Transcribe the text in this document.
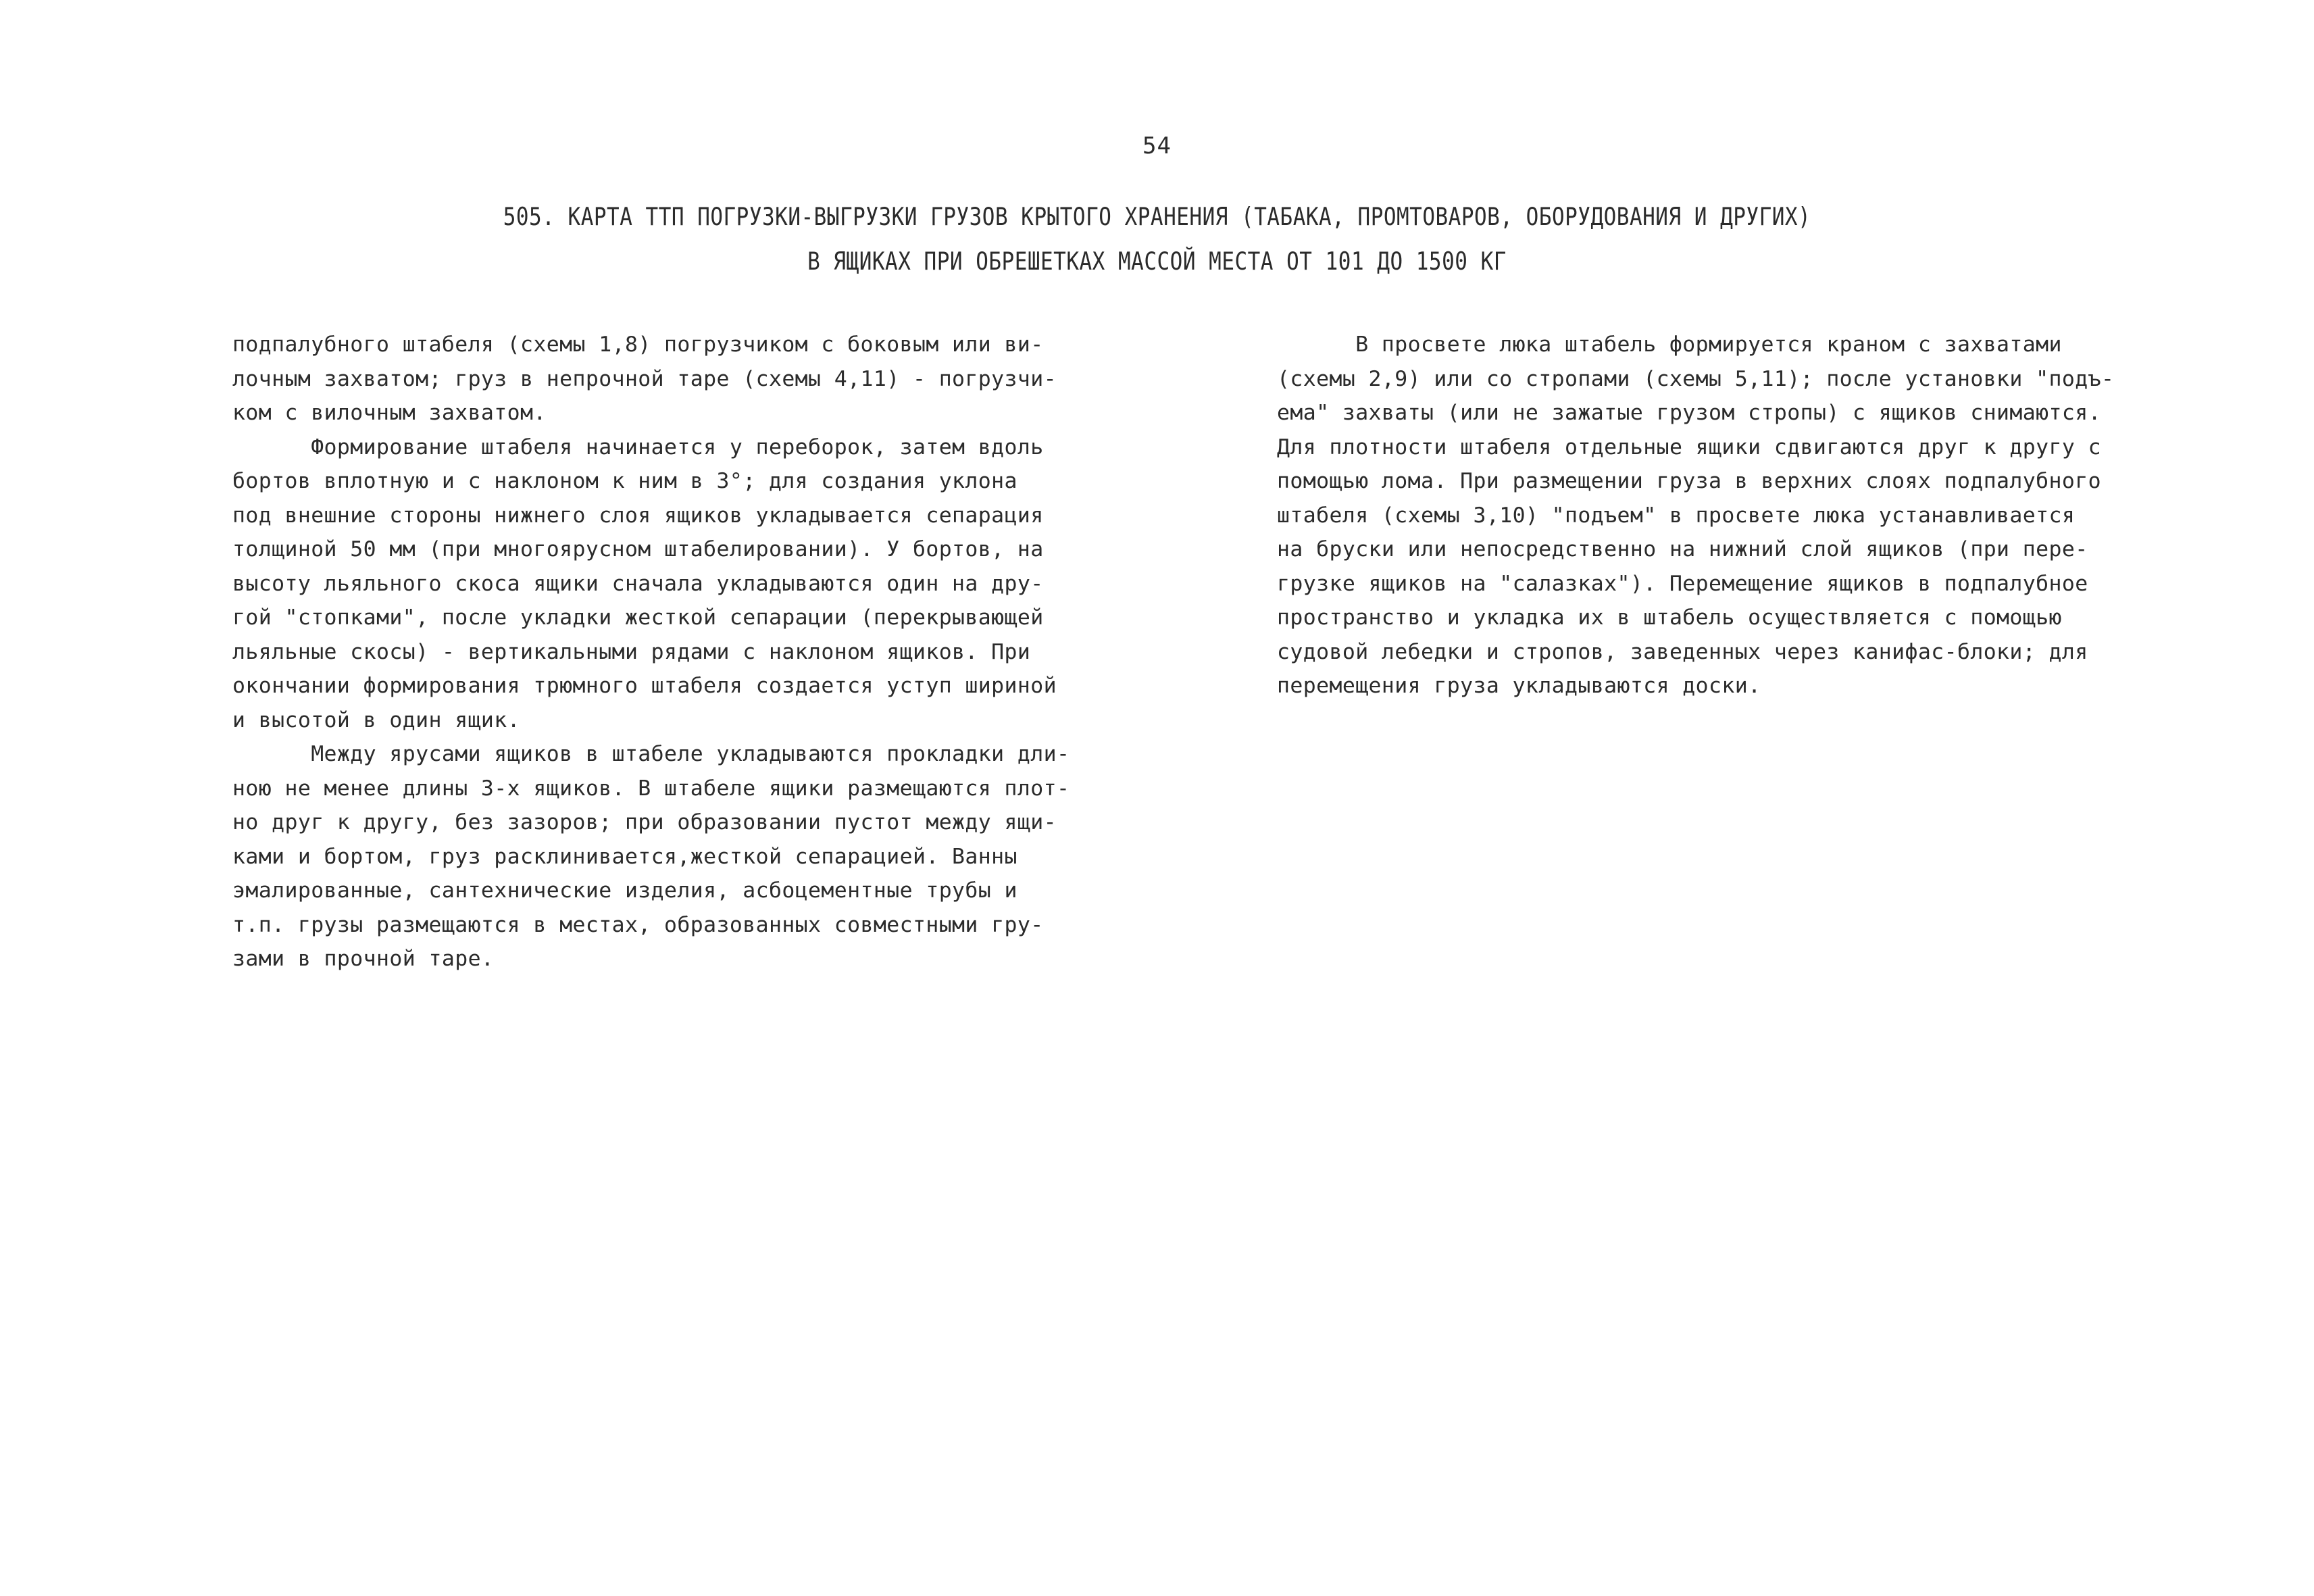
54
505. КАРТА ТТП ПОГРУЗКИ-ВЫГРУЗКИ ГРУЗОВ КРЫТОГО ХРАНЕНИЯ (ТАБАКА, ПРОМТОВАРОВ, ОБОРУДОВАНИЯ И ДРУГИХ)
В ЯЩИКАХ ПРИ ОБРЕШЕТКАХ МАССОЙ МЕСТА ОТ 101 ДО 1500 КГ
подпалубного штабеля (схемы 1,8) погрузчиком с боковым или ви-
лочным захватом; груз в непрочной таре (схемы 4,11) - погрузчи-
ком с вилочным захватом.
Формирование штабеля начинается у переборок, затем вдоль
бортов вплотную и с наклоном к ним в 3°; для создания уклона
под внешние стороны нижнего слоя ящиков укладывается сепарация
толщиной 50 мм (при многоярусном штабелировании). У бортов, на
высоту льяльного скоса ящики сначала укладываются один на дру-
гой "стопками", после укладки жесткой сепарации (перекрывающей
льяльные скосы) - вертикальными рядами с наклоном ящиков. При
окончании формирования трюмного штабеля создается уступ шириной
и высотой в один ящик.
Между ярусами ящиков в штабеле укладываются прокладки дли-
ною не менее длины 3-х ящиков. В штабеле ящики размещаются плот-
но друг к другу, без зазоров; при образовании пустот между ящи-
ками и бортом, груз расклинивается,жесткой сепарацией. Ванны
эмалированные, сантехнические изделия, асбоцементные трубы и
т.п. грузы размещаются в местах, образованных совместными гру-
зами в прочной таре.
В просвете люка штабель формируется краном с захватами
(схемы 2,9) или со стропами (схемы 5,11); после установки "подъ-
ема" захваты (или не зажатые грузом стропы) с ящиков снимаются.
Для плотности штабеля отдельные ящики сдвигаются друг к другу с
помощью лома. При размещении груза в верхних слоях подпалубного
штабеля (схемы 3,10) "подъем" в просвете люка устанавливается
на бруски или непосредственно на нижний слой ящиков (при пере-
грузке ящиков на "салазках"). Перемещение ящиков в подпалубное
пространство и укладка их в штабель осуществляется с помощью
судовой лебедки и стропов, заведенных через канифас-блоки; для
перемещения груза укладываются доски.
